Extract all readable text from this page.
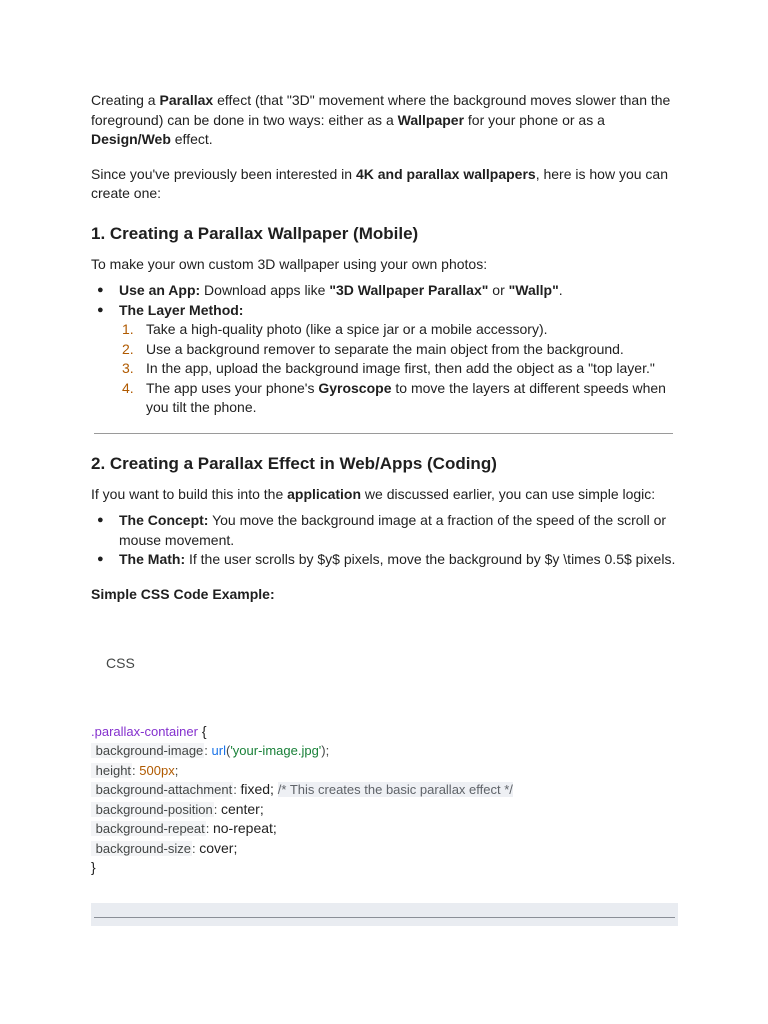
Creating a Parallax effect (that "3D" movement where the background moves slower than the foreground) can be done in two ways: either as a Wallpaper for your phone or as a Design/Web effect.

Since you've previously been interested in 4K and parallax wallpapers, here is how you can create one:

1. Creating a Parallax Wallpaper (Mobile)

To make your own custom 3D wallpaper using your own photos:

● Use an App: Download apps like "3D Wallpaper Parallax" or "Wallp".
● The Layer Method:
1. Take a high-quality photo (like a spice jar or a mobile accessory).
2. Use a background remover to separate the main object from the background.
3. In the app, upload the background image first, then add the object as a "top layer."
4. The app uses your phone's Gyroscope to move the layers at different speeds when you tilt the phone.
2. Creating a Parallax Effect in Web/Apps (Coding)

If you want to build this into the application we discussed earlier, you can use simple logic:

● The Concept: You move the background image at a fraction of the speed of the scroll or mouse movement.
● The Math: If the user scrolls by $y$ pixels, move the background by $y \times 0.5$ pixels.

Simple CSS Code Example:

CSS
.parallax-container {
background-image: url('your-image.jpg');
height: 500px;
background-attachment: fixed; /* This creates the basic parallax effect */
background-position: center;
background-repeat: no-repeat;
background-size: cover;
}
